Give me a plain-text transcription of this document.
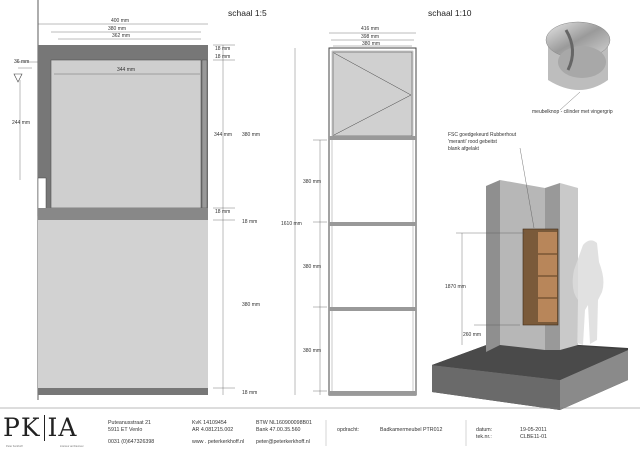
schaal 1:5
400 mm
380 mm
362 mm
344 mm
36 mm
244 mm
18 mm
18 mm
344 mm 380 mm
18 mm
18 mm
380 mm
18 mm
schaal 1:10
416 mm
398 mm
380 mm
1610 mm
380 mm
380 mm
380 mm
meubelknop - cilinder met vingergrip
FSC goedgekeurd Rubberhout
'meranti' rood gebeitst
blank afgelakt
1870 mm
260 mm
PK IA
Peter Kerkhoff	interieur architectuur
Puteanusstraat 21
5911 ET Venlo
0031 (0)647326398
KvK 14109454
AR 4.081215.002
www . peterkerkhoff.nl
BTW NL160900098B01
Bank 47.00.35.560
peter@peterkerkhoff.nl
opdracht:	Badkamermeubel PTR012	datum:	19-05-2011
tek.nr.:	CLBE11-01
